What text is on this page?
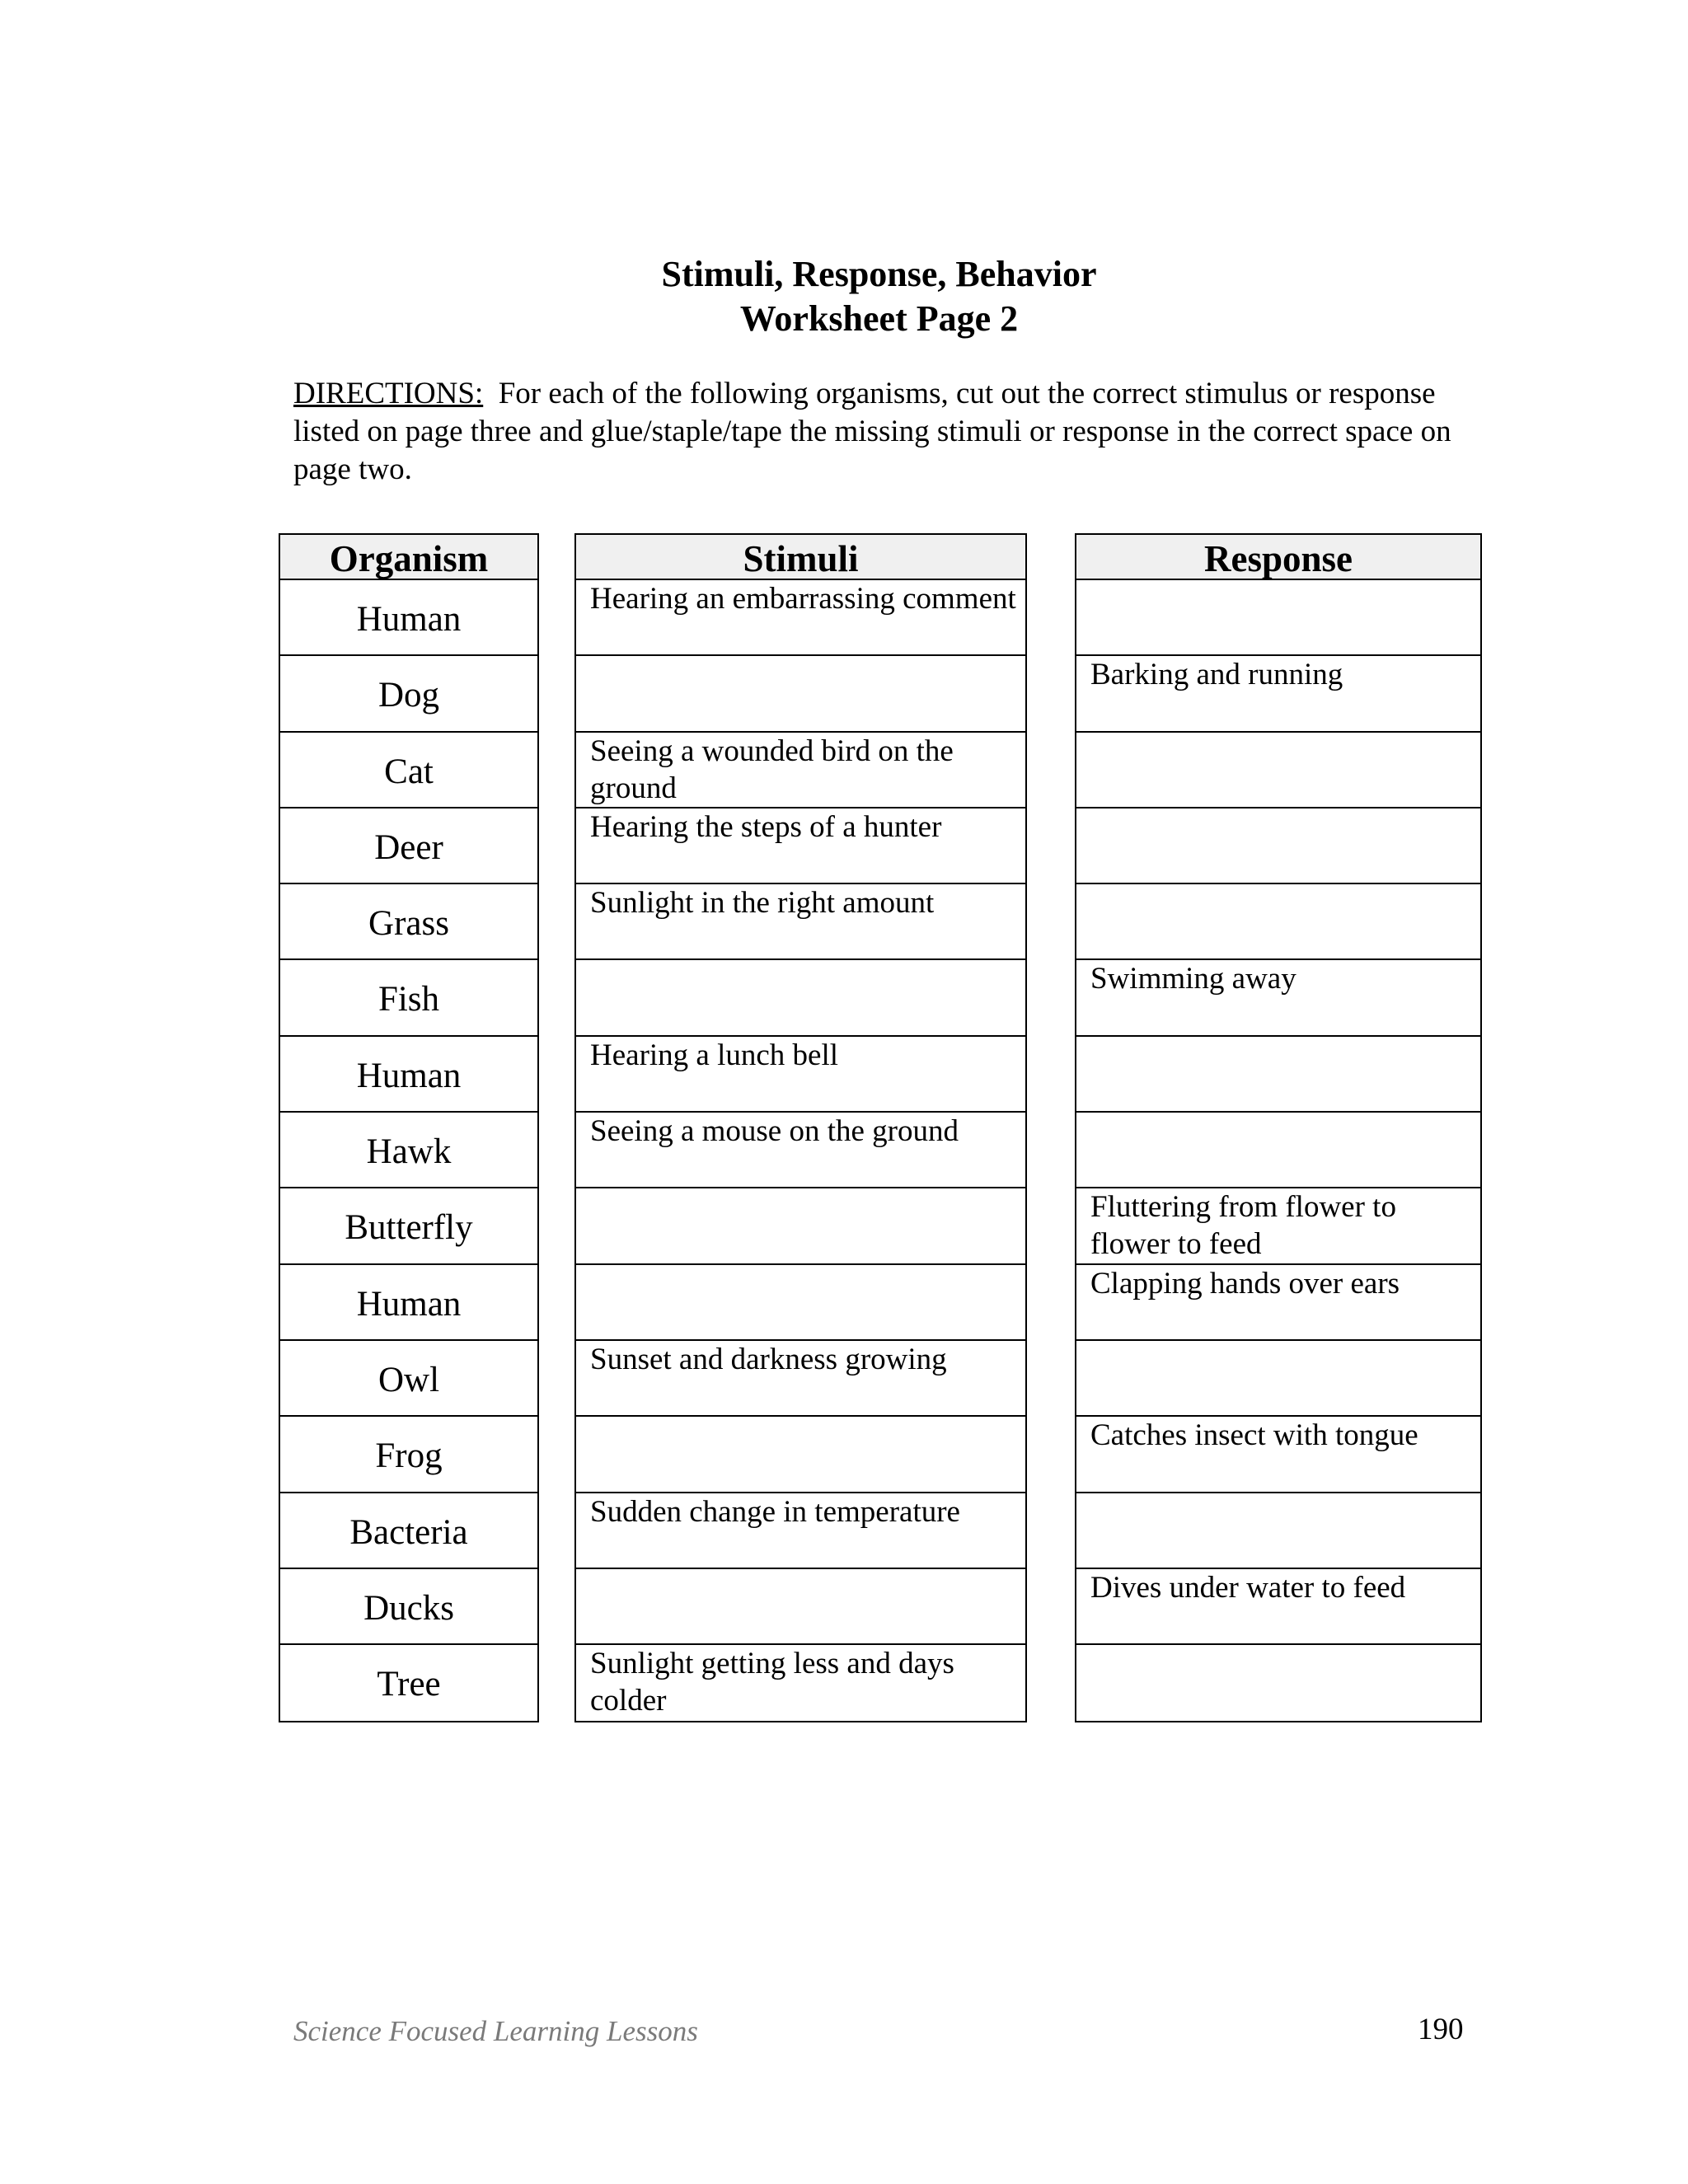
Stimuli, Response, Behavior
Worksheet Page 2
DIRECTIONS: For each of the following organisms, cut out the correct stimulus or response listed on page three and glue/staple/tape the missing stimuli or response in the correct space on page two.
Organism
Human
Dog
Cat
Deer
Grass
Fish
Human
Hawk
Butterfly
Human
Owl
Frog
Bacteria
Ducks
Tree
Stimuli
Hearing an embarrassing comment
Seeing a wounded bird on the ground
Hearing the steps of a hunter
Sunlight in the right amount
Hearing a lunch bell
Seeing a mouse on the ground
Sunset and darkness growing
Sudden change in temperature
Sunlight getting less and days colder
Response
Barking and running
Swimming away
Fluttering from flower to flower to feed
Clapping hands over ears
Catches insect with tongue
Dives under water to feed
Science Focused Learning Lessons	190
